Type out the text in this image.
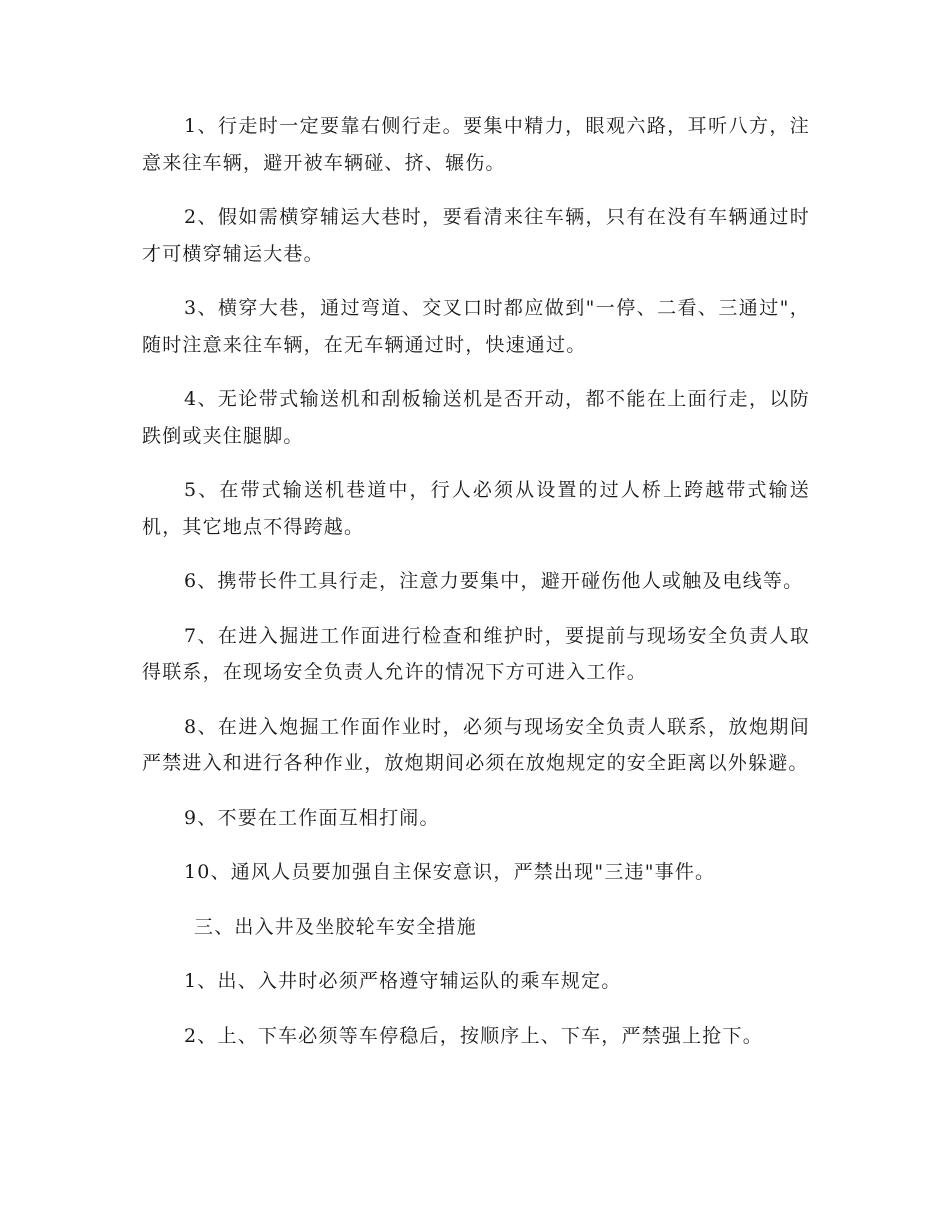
1、行走时一定要靠右侧行走。要集中精力，眼观六路，耳听八方，注意来往车辆，避开被车辆碰、挤、辗伤。

2、假如需横穿辅运大巷时，要看清来往车辆，只有在没有车辆通过时才可横穿辅运大巷。

3、横穿大巷，通过弯道、交叉口时都应做到"一停、二看、三通过"，随时注意来往车辆，在无车辆通过时，快速通过。

4、无论带式输送机和刮板输送机是否开动，都不能在上面行走，以防跌倒或夹住腿脚。

5、在带式输送机巷道中，行人必须从设置的过人桥上跨越带式输送机，其它地点不得跨越。

6、携带长件工具行走，注意力要集中，避开碰伤他人或触及电线等。

7、在进入掘进工作面进行检查和维护时，要提前与现场安全负责人取得联系，在现场安全负责人允许的情况下方可进入工作。

8、在进入炮掘工作面作业时，必须与现场安全负责人联系，放炮期间严禁进入和进行各种作业，放炮期间必须在放炮规定的安全距离以外躲避。

9、不要在工作面互相打闹。

10、通风人员要加强自主保安意识，严禁出现"三违"事件。

三、出入井及坐胶轮车安全措施

1、出、入井时必须严格遵守辅运队的乘车规定。

2、上、下车必须等车停稳后，按顺序上、下车，严禁强上抢下。
